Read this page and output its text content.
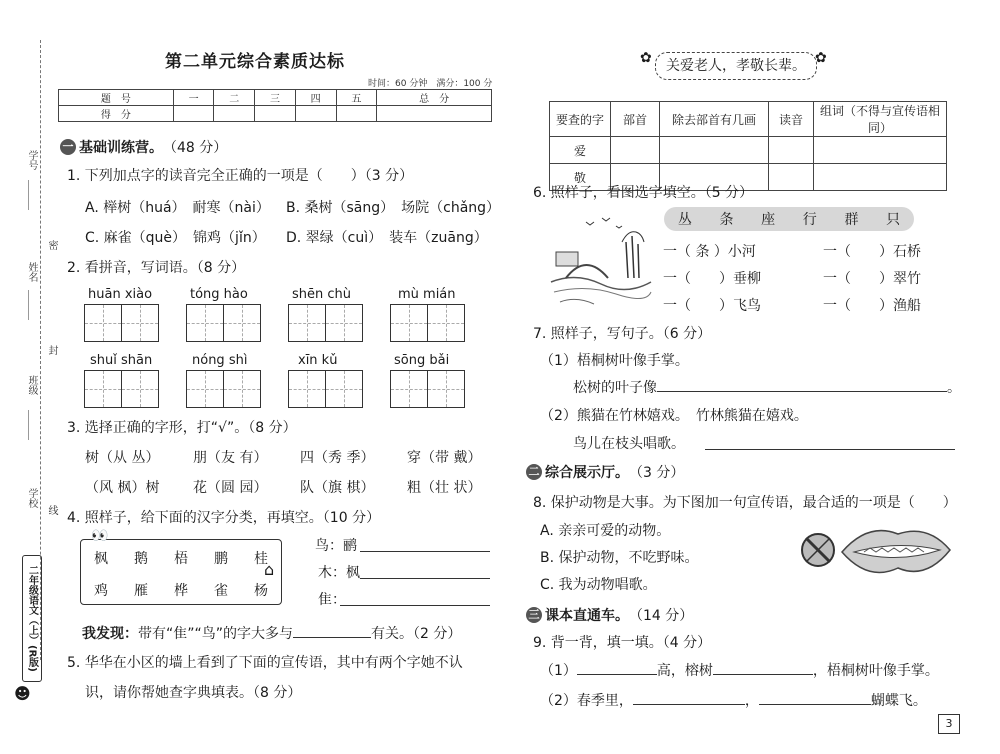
学号
密
姓名
封
班级
学校
线
二年级语文（上）(R版)
☻
第二单元综合素质达标
时间：60 分钟　满分：100 分
题　号	一	二	三	四	五	总　分
得　分						
一 基础训练营。 （48 分）
1. 下列加点字的读音完全正确的一项是（　　）（3 分）
A. 榉树（huá）　耐寒（nài） B. 桑树（sāng）　场院（chǎng）
C. 麻雀（què）　锦鸡（jǐn） D. 翠绿（cuì）　装车（zuāng）
2. 看拼音，写词语。（8 分）
huān xiào	tóng hào	shēn chù	mù mián
shuǐ shān	nóng shì	xīn kǔ	sōng bǎi
3. 选择正确的字形，打“√”。（8 分）
树（从 丛） 朋（友 有） 四（秀 季） 穿（带 戴）
（风 枫）树 花（圆 园） 队（旗 棋） 粗（壮 状）
4. 照样子，给下面的汉字分类，再填空。（10 分）
👀
枫 鹅 梧 鹏 桂
鸡 雁 桦 雀 杨
⌂
鸟：鹂
木：枫
隹：
我发现：带有“隹”“鸟”的字大多与	有关。（2 分）
5. 华华在小区的墙上看到了下面的宣传语，其中有两个字她不认
识，请你帮她查字典填表。（8 分）
关爱老人，孝敬长辈。
✿	✿
要查的字	部首	除去部首有几画	读音	组词（不得与宣传语相同）
爱				
敬				
6. 照样子，看图选字填空。（5 分）
丛 条 座 行 群 只
一（ 条 ）小河	一（　　）石桥
一（　　）垂柳	一（　　）翠竹
一（　　）飞鸟	一（　　）渔船
7. 照样子，写句子。（6 分）
（1）梧桐树叶像手掌。
松树的叶子像	。
（2）熊猫在竹林嬉戏。　竹林熊猫在嬉戏。
鸟儿在枝头唱歌。
二 综合展示厅。 （3 分）
8. 保护动物是大事。为下图加一句宣传语，最合适的一项是（　　）
A. 亲亲可爱的动物。
B. 保护动物，不吃野味。
C. 我为动物唱歌。
三 课本直通车。 （14 分）
9. 背一背，填一填。（4 分）
（1）	高，榕树	，梧桐树叶像手掌。
（2）春季里，	，	蝴蝶飞。
3
